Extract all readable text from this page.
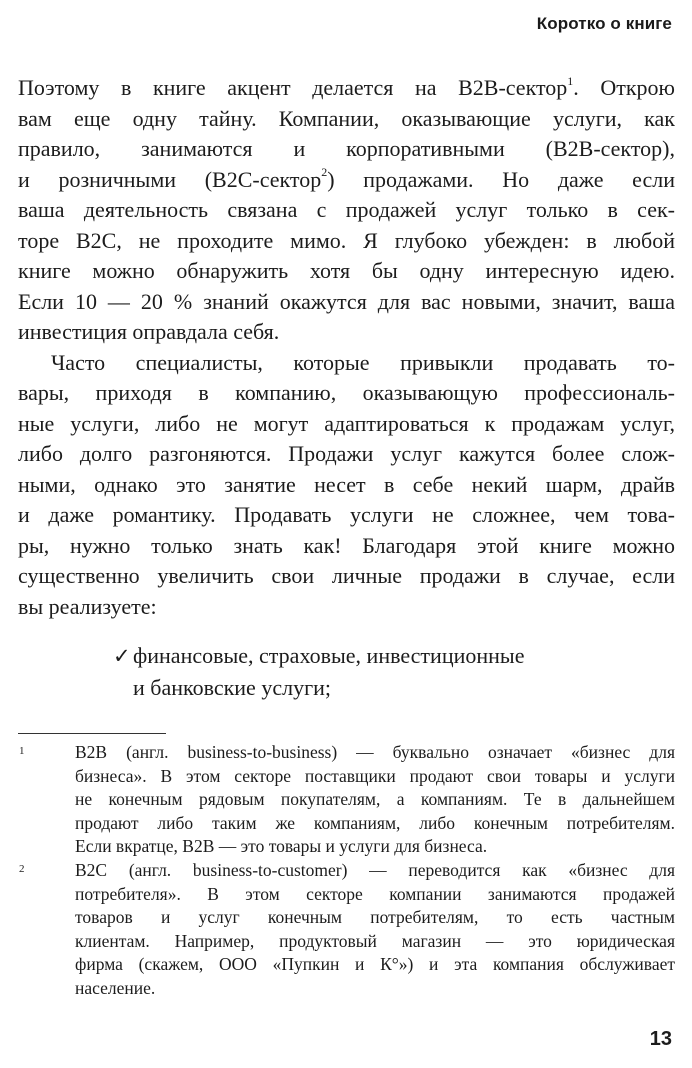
Коротко о книге

Поэтому в книге акцент делается на B2B-сектор$^1$. Открою
вам еще одну тайну. Компании, оказывающие услуги, как
правило, занимаются и корпоративными (B2B-сектор),
и розничными (B2C-сектор$^2$) продажами. Но даже если
ваша деятельность связана с продажей услуг только в сек-
торе B2C, не проходите мимо. Я глубоко убежден: в любой
книге можно обнаружить хотя бы одну интересную идею.
Если 10 — 20 % знаний окажутся для вас новыми, значит, ваша
инвестиция оправдала себя.

Часто специалисты, которые привыкли продавать то-
вары, приходя в компанию, оказывающую профессиональ-
ные услуги, либо не могут адаптироваться к продажам услуг,
либо долго разгоняются. Продажи услуг кажутся более слож-
ными, однако это занятие несет в себе некий шарм, драйв
и даже романтику. Продавать услуги не сложнее, чем това-
ры, нужно только знать как! Благодаря этой книге можно
существенно увеличить свои личные продажи в случае, если
вы реализуете:

✓ финансовые, страховые, инвестиционные
и банковские услуги;
1	B2B (англ. business-to-business) — буквально означает «бизнес для
бизнеса». В этом секторе поставщики продают свои товары и услуги
не конечным рядовым покупателям, а компаниям. Те в дальнейшем
продают либо таким же компаниям, либо конечным потребителям.
Если вкратце, B2B — это товары и услуги для бизнеса.
2	B2C (англ. business-to-customer) — переводится как «бизнес для
потребителя». В этом секторе компании занимаются продажей
товаров и услуг конечным потребителям, то есть частным
клиентам. Например, продуктовый магазин — это юридическая
фирма (скажем, ООО «Пупкин и К°») и эта компания обслуживает
население.
13
